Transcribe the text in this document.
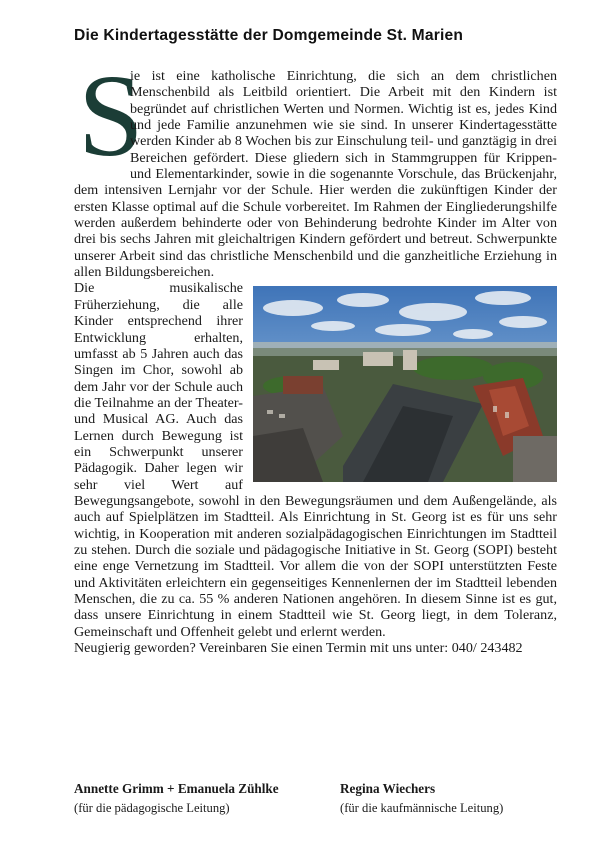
Die Kindertagesstätte der Domgemeinde St. Marien
S

ie ist eine katholische Einrichtung, die sich an dem christlichen Menschenbild als Leitbild orientiert. Die Arbeit mit den Kindern ist begründet auf christlichen Werten und Normen. Wichtig ist es, jedes Kind und jede Familie anzunehmen wie sie sind. In unserer Kindertagesstätte werden Kinder ab 8 Wochen bis zur Einschulung teil- und ganztägig in drei Bereichen gefördert. Diese gliedern sich in Stammgruppen für Krippen- und Elementarkinder, sowie in die sogenannte Vorschule, das Brückenjahr, dem intensiven Lernjahr vor der Schule. Hier werden die zukünftigen Kinder der ersten Klasse optimal auf die Schule vorbereitet. Im Rahmen der Eingliederungshilfe werden außerdem behinderte oder von Behinderung bedrohte Kinder im Alter von drei bis sechs Jahren mit gleichaltrigen Kindern gefördert und betreut. Schwerpunkte unserer Arbeit sind das christliche Menschenbild und die ganzheitliche Erziehung in allen Bildungsbereichen.

Die musikalische Früherziehung, die alle Kinder entsprechend ihrer Entwicklung erhalten, umfasst ab 5 Jahren auch das Singen im Chor, sowohl ab dem Jahr vor der Schule auch die Teilnahme an der Theater- und Musical AG. Auch das Lernen durch Bewegung ist ein Schwerpunkt unserer Pädagogik. Daher legen wir sehr viel Wert auf Bewegungsangebote, sowohl in den Bewegungsräumen und dem Außengelände, als auch auf Spielplätzen im Stadtteil. Als Einrichtung in St. Georg ist es für uns sehr wichtig, in Kooperation mit anderen sozialpädagogischen Einrichtungen im Stadtteil zu stehen. Durch die soziale und pädagogische Initiative in St. Georg (SOPI) besteht eine enge Vernetzung im Stadtteil. Vor allem die von der SOPI unterstützten Feste und Aktivitäten erleichtern ein gegenseitiges Kennenlernen der im Stadtteil lebenden Menschen, die zu ca. 55 % anderen Nationen angehören. In diesem Sinne ist es gut, dass unsere Einrichtung in einem Stadtteil wie St. Georg liegt, in dem Toleranz, Gemeinschaft und Offenheit gelebt und erlernt werden.

Neugierig geworden? Vereinbaren Sie einen Termin mit uns unter: 040/ 243482

Annette Grimm + Emanuela Zühlke
(für die pädagogische Leitung)
Regina Wiechers
(für die kaufmännische Leitung)
